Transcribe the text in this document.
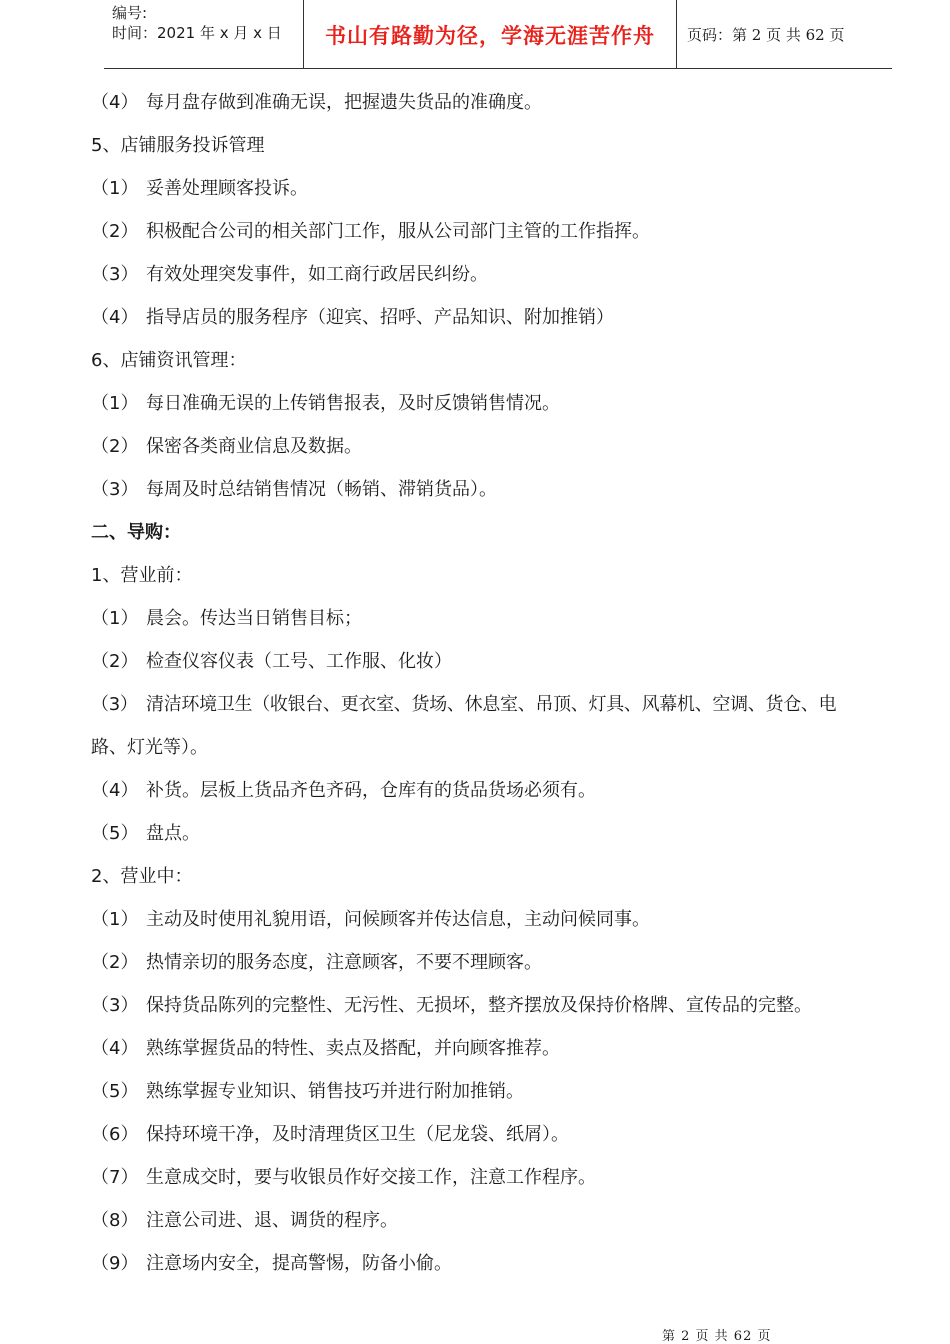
编号:
时间：2021 年 x 月 x 日	书山有路勤为径，学海无涯苦作舟	页码：第 2 页 共 62 页
（4） 每月盘存做到准确无误，把握遗失货品的准确度。
5、店铺服务投诉管理
（1） 妥善处理顾客投诉。
（2） 积极配合公司的相关部门工作，服从公司部门主管的工作指挥。
（3） 有效处理突发事件，如工商行政居民纠纷。
（4） 指导店员的服务程序（迎宾、招呼、产品知识、附加推销）
6、店铺资讯管理：
（1） 每日准确无误的上传销售报表，及时反馈销售情况。
（2） 保密各类商业信息及数据。
（3） 每周及时总结销售情况（畅销、滞销货品）。
二、导购：
1、营业前：
（1） 晨会。传达当日销售目标；
（2） 检查仪容仪表（工号、工作服、化妆）
（3） 清洁环境卫生（收银台、更衣室、货场、休息室、吊顶、灯具、风幕机、空调、货仓、电
路、灯光等）。
（4） 补货。层板上货品齐色齐码，仓库有的货品货场必须有。
（5） 盘点。
2、营业中：
（1） 主动及时使用礼貌用语，问候顾客并传达信息，主动问候同事。
（2） 热情亲切的服务态度，注意顾客，不要不理顾客。
（3） 保持货品陈列的完整性、无污性、无损坏，整齐摆放及保持价格牌、宣传品的完整。
（4） 熟练掌握货品的特性、卖点及搭配，并向顾客推荐。
（5） 熟练掌握专业知识、销售技巧并进行附加推销。
（6） 保持环境干净，及时清理货区卫生（尼龙袋、纸屑）。
（7） 生意成交时，要与收银员作好交接工作，注意工作程序。
（8） 注意公司进、退、调货的程序。
（9） 注意场内安全，提高警惕，防备小偷。
第 2 页 共 62 页
